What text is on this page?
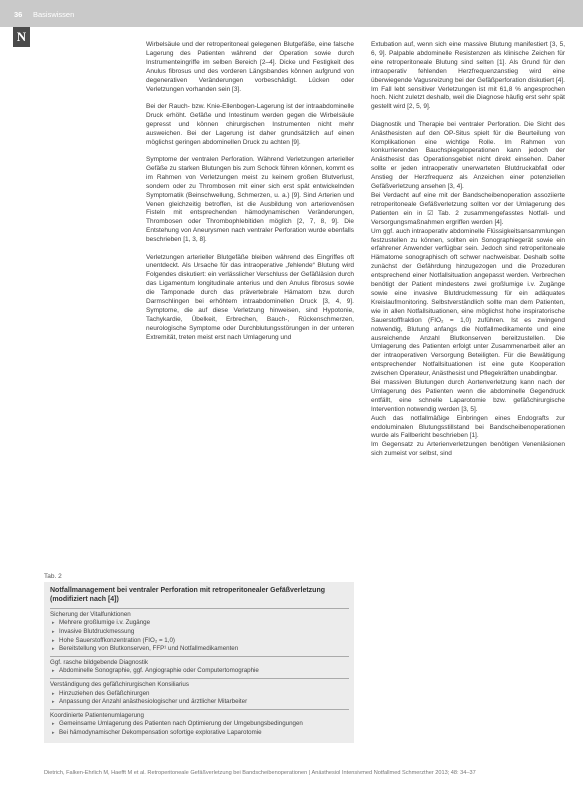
36 Basiswissen
N

Wirbelsäule und der retroperitoneal gelegenen Blutgefäße, eine falsche Lagerung des Patienten während der Operation sowie durch Instrumenteingriffe im selben Bereich [2–4]. Dicke und Festigkeit des Anulus fibrosus und des vorderen Längsbandes können aufgrund von degenerativen Veränderungen vorbeschädigt. Lücken oder Verletzungen vorhanden sein [3].

Bei der Rauch- bzw. Knie-Ellenbogen-Lagerung ist der intraabdominelle Druck erhöht. Gefäße und Intestinum werden gegen die Wirbelsäule gepresst und können chirurgischen Instrumenten nicht mehr ausweichen. Bei der Lagerung ist daher grundsätzlich auf einen möglichst geringen abdominellen Druck zu achten [9].

Symptome der ventralen Perforation. Während Verletzungen arterieller Gefäße zu starken Blutungen bis zum Schock führen können, kommt es im Rahmen von Verletzungen meist zu keinem großen Blutverlust, sondern oder zu Thrombosen mit einer sich erst spät entwickelnden Symptomatik (Beinschwellung, Schmerzen, u. a.) [9]. Sind Arterien und Venen gleichzeitig betroffen, ist die Ausbildung von arteriovenösen Fisteln mit entsprechenden hämodynamischen Veränderungen, Thrombosen oder Thrombophlebitiden möglich [2, 7, 8, 9]. Die Entstehung von Aneurysmen nach ventraler Perforation wurde ebenfalls beschrieben [1, 3, 8].

Verletzungen arterieller Blutgefäße bleiben während des Eingriffes oft unentdeckt. Als Ursache für das intraoperative „fehlende“ Blutung wird Folgendes diskutiert: ein verlässlicher Verschluss der Gefäßläsion durch das Ligamentum longitudinale anterius und den Anulus fibrosus sowie die Tamponade durch das prävertebrale Hämatom bzw. durch Darmschlingen bei erhöhtem intraabdominellen Druck [3, 4, 9]. Symptome, die auf diese Verletzung hinweisen, sind Hypotonie, Tachykardie, Übelkeit, Erbrechen, Bauch-, Rückenschmerzen, neurologische Symptome oder Durchblutungsstörungen in der unteren Extremität, treten meist erst nach Umlagerung und

Extubation auf, wenn sich eine massive Blutung manifestiert [3, 5, 6, 9]. Palpable abdominelle Resistenzen als klinische Zeichen für eine retroperitoneale Blutung sind selten [1]. Als Grund für den intraoperativ fehlenden Herzfrequenzanstieg wird eine überwiegende Vagusreizung bei der Gefäßperforation diskutiert [4]. Im Fall lebt sensitiver Verletzungen ist mit 61,8 % angesprochen hoch. Nicht zuletzt deshalb, weil die Diagnose häufig erst sehr spät gestellt wird [2, 5, 9].

Diagnostik und Therapie bei ventraler Perforation. Die Sicht des Anästhesisten auf den OP-Situs spielt für die Beurteilung von Komplikationen eine wichtige Rolle. Im Rahmen von konkurrierenden Bauchspiegeloperationen kann jedoch der Anästhesist das Operationsgebiet nicht direkt einsehen. Daher sollte er jeden intraoperativ unerwarteten Blutdruckabfall oder Anstieg der Herzfrequenz als Anzeichen einer potenziellen Gefäßverletzung ansehen [3, 4].

Bei Verdacht auf eine mit der Bandscheibenoperation assoziierte retroperitoneale Gefäßverletzung sollten vor der Umlagerung des Patienten ein in ☑ Tab. 2 zusammengefasstes Notfall- und Versorgungsmaßnahmen ergriffen werden [4].

Um ggf. auch intraoperativ abdominelle Flüssigkeitsansammlungen festzustellen zu können, sollten ein Sonographiegerät sowie ein erfahrener Anwender verfügbar sein. Jedoch sind retroperitoneale Hämatome sonographisch oft schwer nachweisbar. Deshalb sollte zunächst der Gefährdung hinzugezogen und die Prozeduren entsprechend einer Notfallsituation angepasst werden. Verbrechen benötigt der Patient mindestens zwei großlumige i.v. Zugänge sowie eine invasive Blutdruckmessung für ein adäquates Kreislaufmonitoring. Selbstverständlich sollte man dem Patienten, wie in allen Notfallsituationen, eine möglichst hohe inspiratorische Sauerstofffraktion (FIO₂ = 1,0) zuführen. Ist es zwingend notwendig, Blutung anfangs die Notfallmedikamente und eine ausreichende Anzahl Blutkonserven bereitzustellen. Die Umlagerung des Patienten erfolgt unter Zusammenarbeit aller an der intraoperativen Versorgung Beteiligten. Für die Bewältigung entsprechender Notfallsituationen ist eine gute Kooperation zwischen Operateur, Anästhesist und Pflegekräften unabdingbar.

Bei massiven Blutungen durch Aortenverletzung kann nach der Umlagerung des Patienten wenn die abdominelle Gegendruck entfällt, eine schnelle Laparotomie bzw. gefäßchirurgische Intervention notwendig werden [3, 5].

Auch das notfallmäßige Einbringen eines Endografts zur endoluminalen Blutungsstillstand bei Bandscheibenoperationen wurde als Fallbericht beschrieben [1].

Im Gegensatz zu Arterienverletzungen benötigen Venenläsionen sich zumeist vor selbst, sind

Tab. 2
Notfallmanagement bei ventraler Perforation mit retroperitonealer Gefäßverletzung (modifiziert nach [4])
Sicherung der Vitalfunktionen
▸ Mehrere großlumige i.v. Zugänge
▸ Invasive Blutdruckmessung
▸ Hohe Sauerstoffkonzentration (FIO₂ = 1,0)
▸ Bereitstellung von Blutkonserven, FFP¹ und Notfallmedikamenten
Ggf. rasche bildgebende Diagnostik
▸ Abdominelle Sonographie, ggf. Angiographie oder Computertomographie
Verständigung des gefäßchirurgischen Konsiliarius
▸ Hinzuziehen des Gefäßchirurgen
▸ Anpassung der Anzahl anästhesiologischer und ärztlicher Mitarbeiter
Koordinierte Patientenumlagerung
▸ Gemeinsame Umlagerung des Patienten nach Optimierung der Umgebungsbedingungen
▸ Bei hämodynamischer Dekompensation sofortige explorative Laparotomie
Dietrich, Falken-Ehrlich M, Haefft M et al. Retroperitoneale Gefäßverletzung bei Bandscheibenoperationen | Anästhesiol Intensivmed Notfallmed Schmerzther 2013; 48: 34–37
